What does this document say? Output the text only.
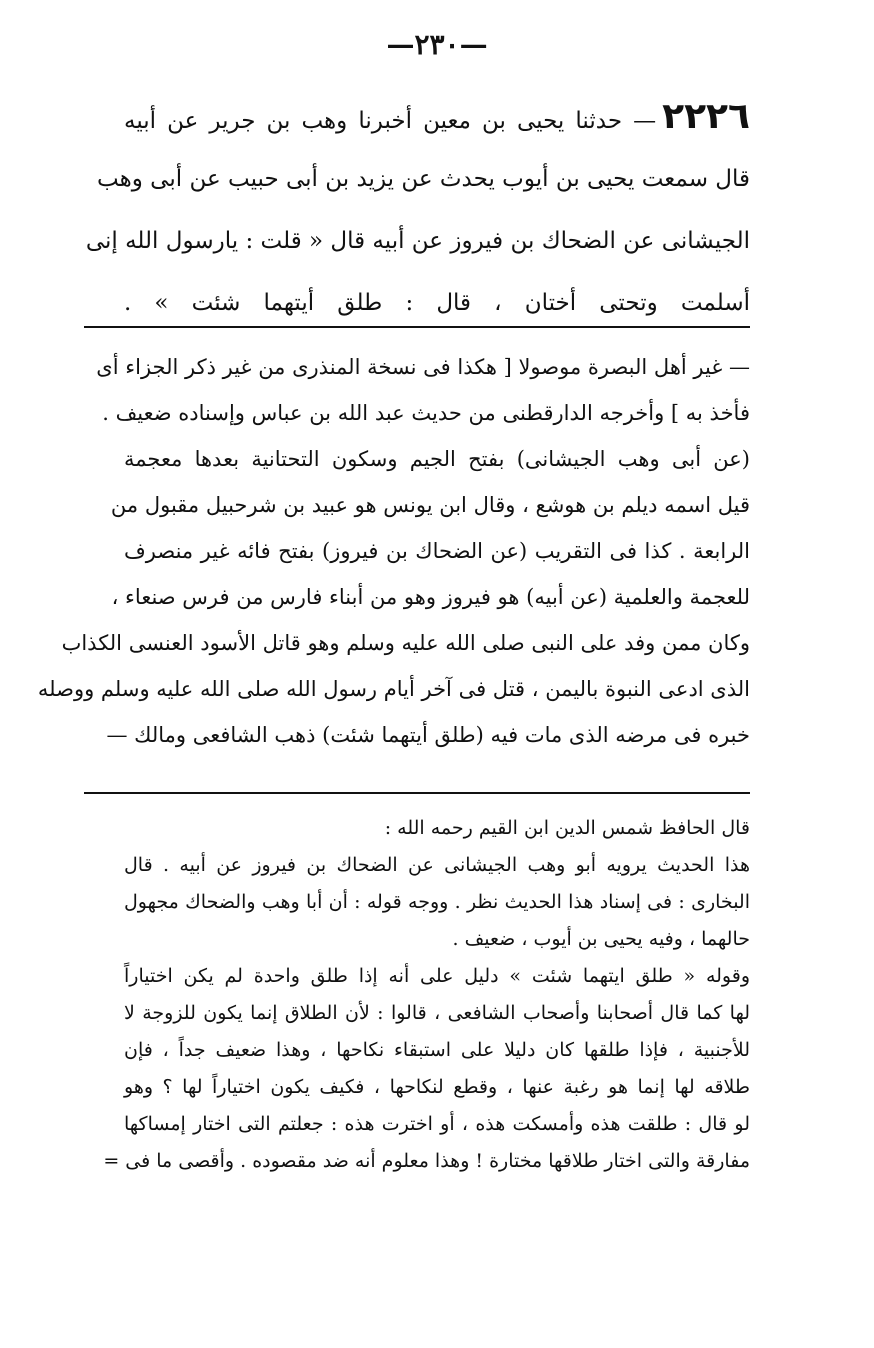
—٢٣٠—
٢٢٢٦— حدثنا يحيى بن معين أخبرنا وهب بن جرير عن أبيه
قال سمعت يحيى بن أيوب يحدث عن يزيد بن أبى حبيب عن أبى وهب
الجيشانى عن الضحاك بن فيروز عن أبيه قال « قلت : يارسول الله إنى
أسلمت وتحتى أختان ، قال : طلق أيتهما شئت » .
— غير أهل البصرة موصولا [ هكذا فى نسخة المنذرى من غير ذكر الجزاء أى
فأخذ به ] وأخرجه الدارقطنى من حديث عبد الله بن عباس وإسناده ضعيف .
(عن أبى وهب الجيشانى) بفتح الجيم وسكون التحتانية بعدها معجمة
قيل اسمه ديلم بن هوشع ، وقال ابن يونس هو عبيد بن شرحبيل مقبول من
الرابعة . كذا فى التقريب (عن الضحاك بن فيروز) بفتح فائه غير منصرف
للعجمة والعلمية (عن أبيه) هو فيروز وهو من أبناء فارس من فرس صنعاء ،
وكان ممن وفد على النبى صلى الله عليه وسلم وهو قاتل الأسود العنسى الكذاب
الذى ادعى النبوة باليمن ، قتل فى آخر أيام رسول الله صلى الله عليه وسلم ووصله
خبره فى مرضه الذى مات فيه (طلق أيتهما شئت) ذهب الشافعى ومالك —
قال الحافظ شمس الدين ابن القيم رحمه الله :
هذا الحديث يرويه أبو وهب الجيشانى عن الضحاك بن فيروز عن أبيه . قال
البخارى : فى إسناد هذا الحديث نظر . ووجه قوله : أن أبا وهب والضحاك مجهول
حالهما ، وفيه يحيى بن أيوب ، ضعيف .
وقوله « طلق ايتهما شئت » دليل على أنه إذا طلق واحدة لم يكن اختياراً
لها كما قال أصحابنا وأصحاب الشافعى ، قالوا : لأن الطلاق إنما يكون للزوجة لا
للأجنبية ، فإذا طلقها كان دليلا على استبقاء نكاحها ، وهذا ضعيف جداً ، فإن
طلاقه لها إنما هو رغبة عنها ، وقطع لنكاحها ، فكيف يكون اختياراً لها ؟ وهو
لو قال : طلقت هذه وأمسكت هذه ، أو اخترت هذه : جعلتم التى اختار إمساكها
مفارقة والتى اختار طلاقها مختارة ! وهذا معلوم أنه ضد مقصوده . وأقصى ما فى =
